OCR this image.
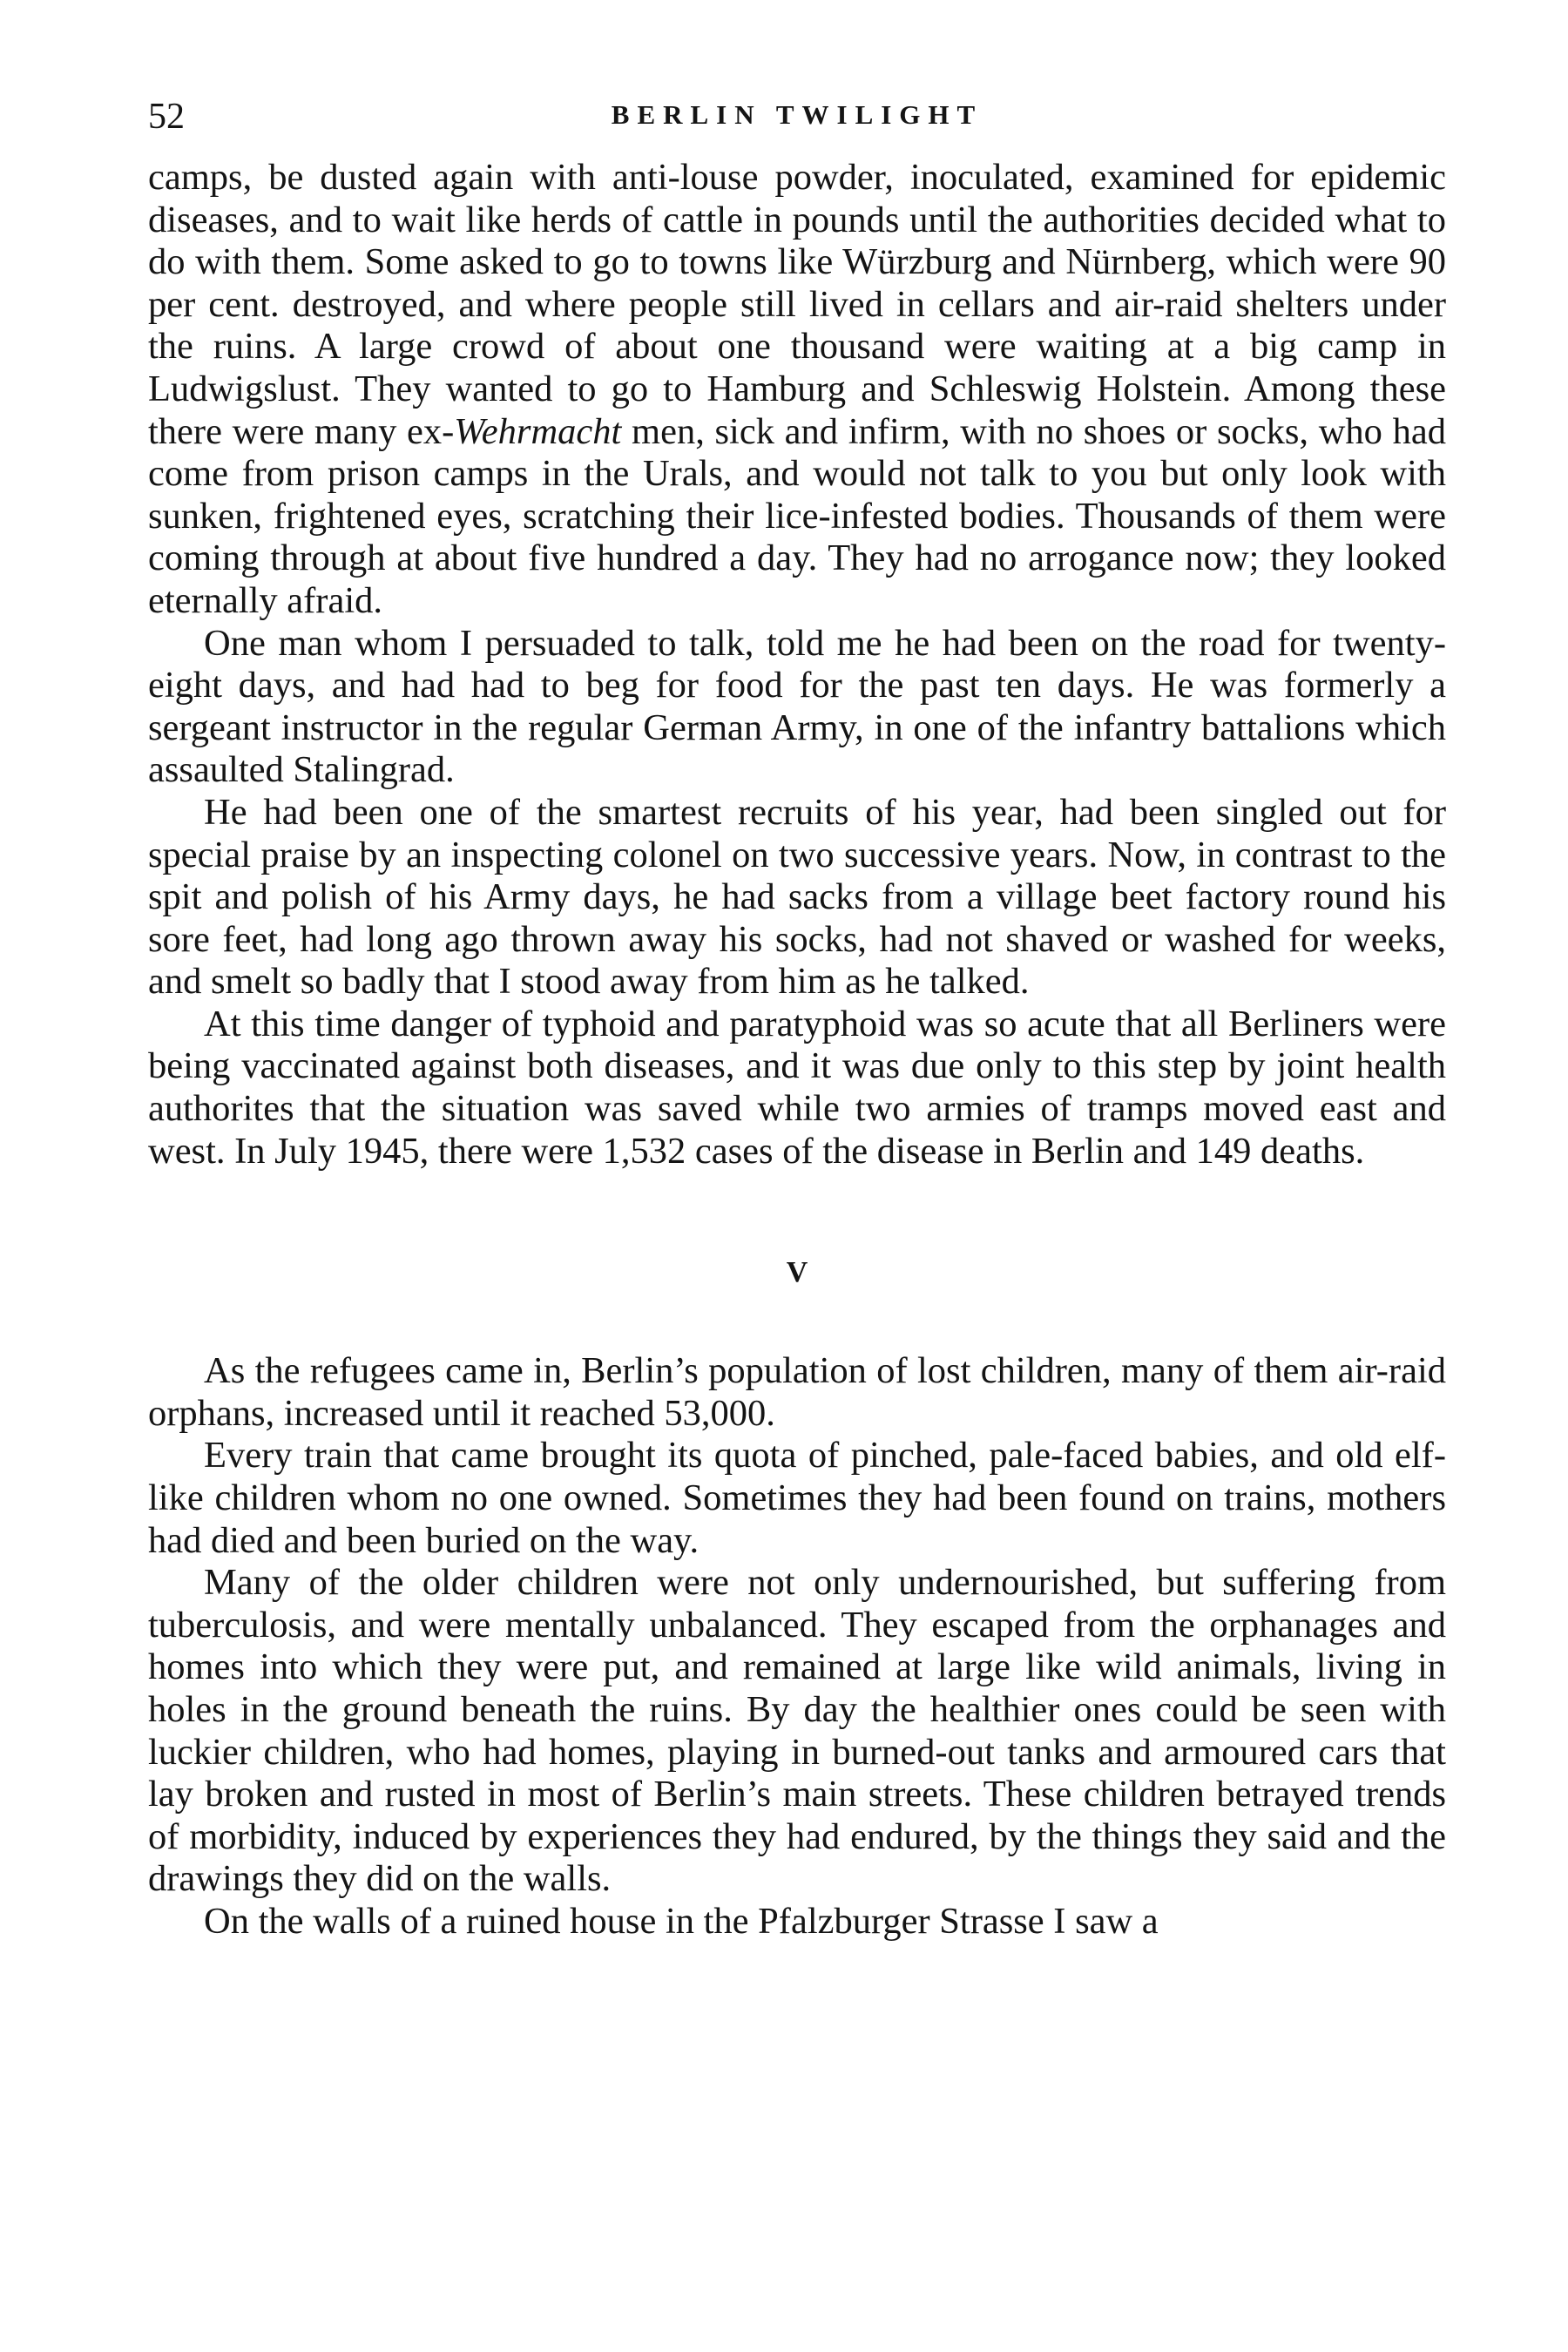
52	BERLIN TWILIGHT

camps, be dusted again with anti-louse powder, inoculated, examined for epidemic diseases, and to wait like herds of cattle in pounds until the authorities decided what to do with them. Some asked to go to towns like Würzburg and Nürnberg, which were 90 per cent. destroyed, and where people still lived in cellars and air-raid shelters under the ruins. A large crowd of about one thousand were waiting at a big camp in Ludwigslust. They wanted to go to Hamburg and Schleswig Holstein. Among these there were many ex-Wehrmacht men, sick and infirm, with no shoes or socks, who had come from prison camps in the Urals, and would not talk to you but only look with sunken, frightened eyes, scratching their lice-infested bodies. Thousands of them were coming through at about five hundred a day. They had no arrogance now; they looked eternally afraid.

One man whom I persuaded to talk, told me he had been on the road for twenty-eight days, and had had to beg for food for the past ten days. He was formerly a sergeant instructor in the regular German Army, in one of the infantry battalions which assaulted Stalingrad.

He had been one of the smartest recruits of his year, had been singled out for special praise by an inspecting colonel on two successive years. Now, in contrast to the spit and polish of his Army days, he had sacks from a village beet factory round his sore feet, had long ago thrown away his socks, had not shaved or washed for weeks, and smelt so badly that I stood away from him as he talked.

At this time danger of typhoid and paratyphoid was so acute that all Berliners were being vaccinated against both diseases, and it was due only to this step by joint health authorites that the situation was saved while two armies of tramps moved east and west. In July 1945, there were 1,532 cases of the disease in Berlin and 149 deaths.

V

As the refugees came in, Berlin’s population of lost children, many of them air-raid orphans, increased until it reached 53,000.

Every train that came brought its quota of pinched, pale-faced babies, and old elf-like children whom no one owned. Sometimes they had been found on trains, mothers had died and been buried on the way.

Many of the older children were not only undernourished, but suffering from tuberculosis, and were mentally unbalanced. They escaped from the orphanages and homes into which they were put, and remained at large like wild animals, living in holes in the ground beneath the ruins. By day the healthier ones could be seen with luckier children, who had homes, playing in burned-out tanks and armoured cars that lay broken and rusted in most of Berlin’s main streets. These children betrayed trends of morbidity, induced by experiences they had endured, by the things they said and the drawings they did on the walls.

On the walls of a ruined house in the Pfalzburger Strasse I saw a
